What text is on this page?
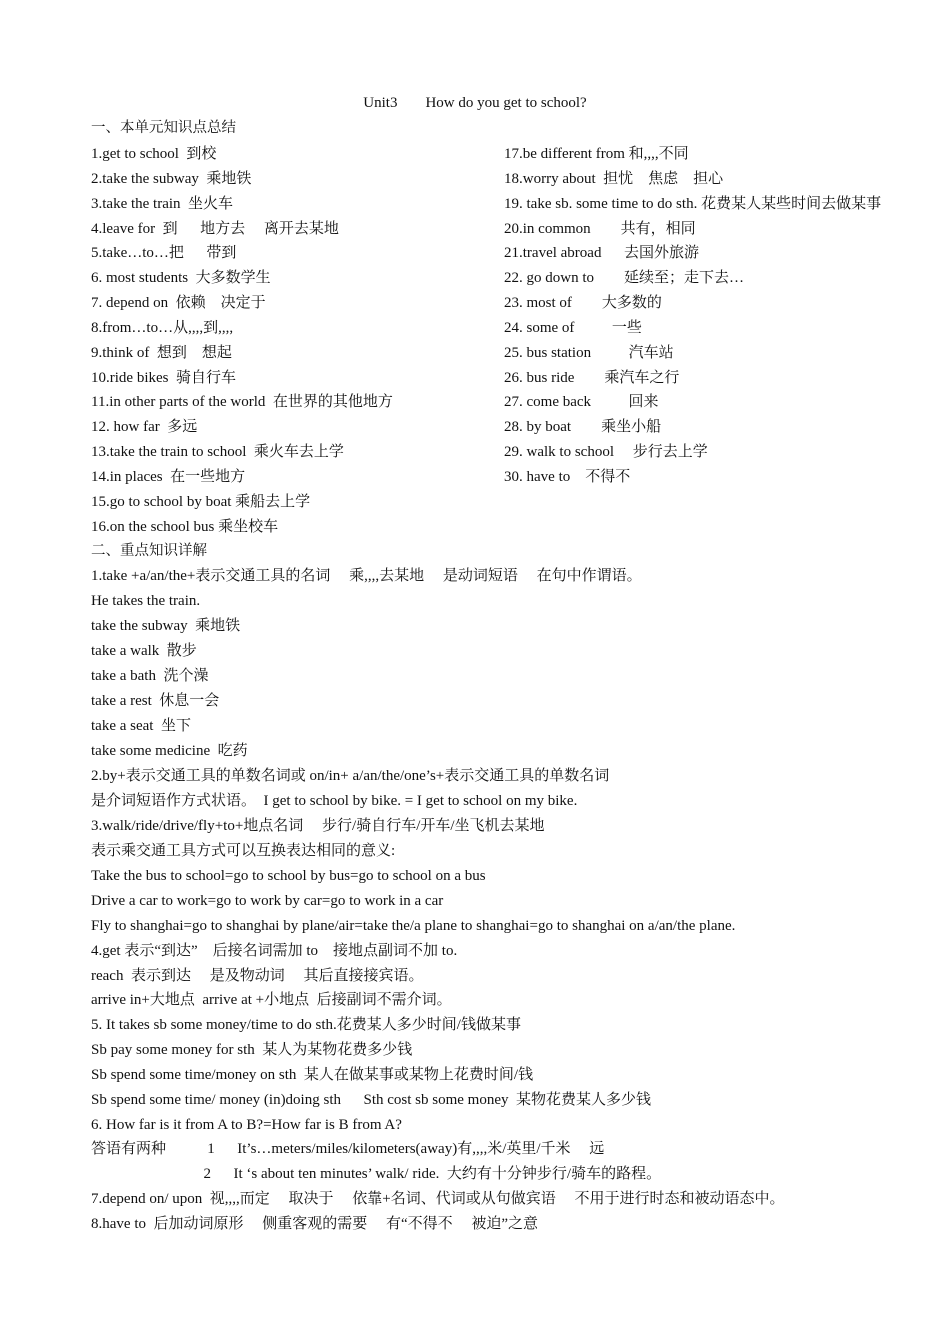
Unit3 How do you get to school?
一、本单元知识点总结
1.get to school  到校
2.take the subway  乘地铁
3.take the train  坐火车
4.leave for  到      地方去     离开去某地
5.take…to…把      带到
6. most students  大多数学生
7. depend on  依赖    决定于
8.from…to…从,,,,到,,,,
9.think of  想到    想起
10.ride bikes  骑自行车
11.in other parts of the world  在世界的其他地方
12. how far  多远
13.take the train to school  乘火车去上学
14.in places  在一些地方
15.go to school by boat 乘船去上学
16.on the school bus 乘坐校车
17.be different from 和,,,,不同
18.worry about  担忧    焦虑    担心
19. take sb. some time to do sth. 花费某人某些时间去做某事
20.in common        共有，相同
21.travel abroad      去国外旅游
22. go down to        延续至；走下去…
23. most of        大多数的
24. some of          一些
25. bus station          汽车站
26. bus ride        乘汽车之行
27. come back          回来
28. by boat        乘坐小船
29. walk to school     步行去上学
30. have to    不得不
二、重点知识详解
1.take +a/an/the+表示交通工具的名词     乘,,,,去某地     是动词短语     在句中作谓语。
He takes the train.
take the subway  乘地铁
take a walk  散步
take a bath  洗个澡
take a rest  休息一会
take a seat  坐下
take some medicine  吃药
2.by+表示交通工具的单数名词或 on/in+ a/an/the/one’s+表示交通工具的单数名词
是介词短语作方式状语。  I get to school by bike. = I get to school on my bike.
3.walk/ride/drive/fly+to+地点名词     步行/骑自行车/开车/坐飞机去某地
表示乘交通工具方式可以互换表达相同的意义:
Take the bus to school=go to school by bus=go to school on a bus
Drive a car to work=go to work by car=go to work in a car
Fly to shanghai=go to shanghai by plane/air=take the/a plane to shanghai=go to shanghai on a/an/the plane.
4.get 表示“到达”    后接名词需加 to    接地点副词不加 to.
reach  表示到达     是及物动词     其后直接接宾语。
arrive in+大地点  arrive at +小地点  后接副词不需介词。
5. It takes sb some money/time to do sth.花费某人多少时间/钱做某事
Sb pay some money for sth  某人为某物花费多少钱
Sb spend some time/money on sth  某人在做某事或某物上花费时间/钱
Sb spend some time/ money (in)doing sth      Sth cost sb some money  某物花费某人多少钱
6. How far is it from A to B?=How far is B from A?
答语有两种           1      It’s…meters/miles/kilometers(away)有,,,,米/英里/千米     远
2      It ‘s about ten minutes’ walk/ ride.  大约有十分钟步行/骑车的路程。
7.depend on/ upon  视,,,,而定     取决于     依靠+名词、代词或从句做宾语     不用于进行时态和被动语态中。
8.have to  后加动词原形     侧重客观的需要     有“不得不     被迫”之意
